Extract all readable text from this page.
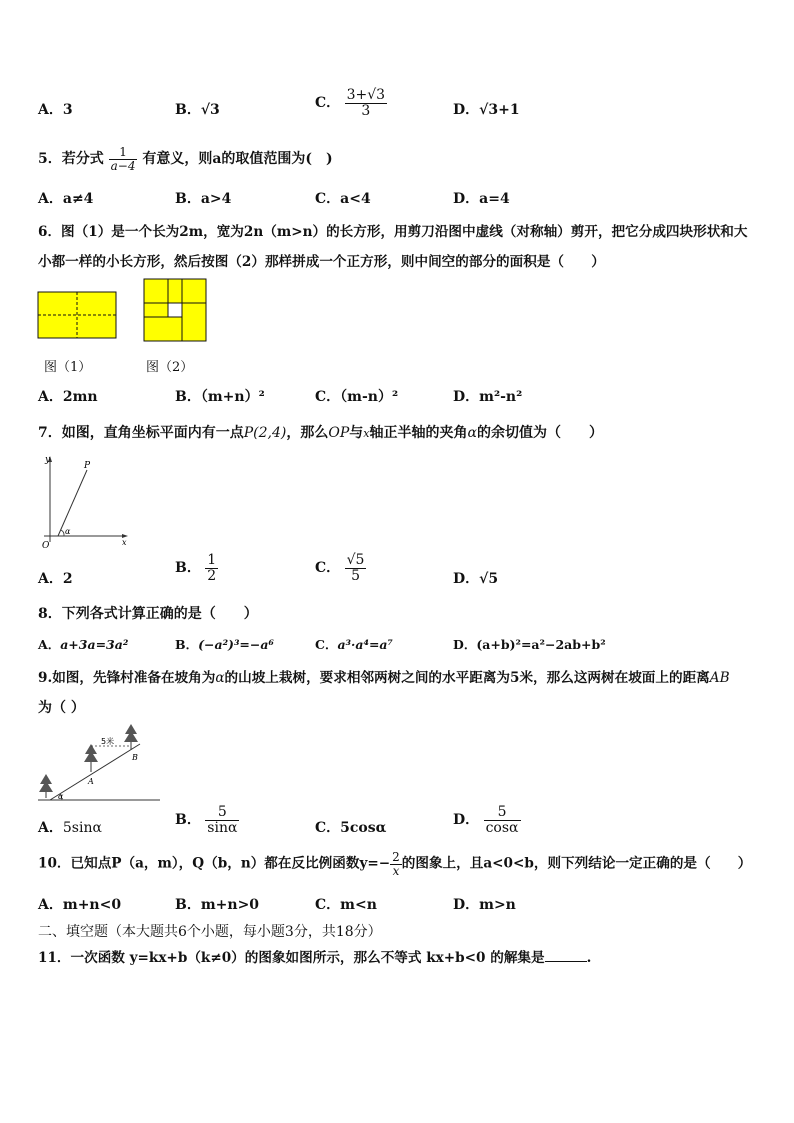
A．3	B．√3	C． $\frac{3+√3}{3}$	D．√3+1
5．若分式 $\frac{1}{a-4}$ 有意义，则a的取值范围为(　)
A．a≠4	B．a>4	C．a<4	D．a=4
6．图（1）是一个长为2m，宽为2n（m>n）的长方形，用剪刀沿图中虚线（对称轴）剪开，把它分成四块形状和大
小都一样的小长方形，然后按图（2）那样拼成一个正方形，则中间空的部分的面积是（　　）
图（1）	图（2）
A．2mn	B．（m+n）²	C．（m-n）²	D．m²-n²
7．如图，直角坐标平面内有一点P(2,4)，那么OP与x轴正半轴的夹角α的余切值为（　　）
y
P
O	x
α
A．2
B． $\frac{1}{2}$	C． $\frac{√5}{5}$	D．√5
8．下列各式计算正确的是（　　）
A．a+3a=3a²	B．(−a²)³=−a⁶	C．a³·a⁴=a⁷	D．(a+b)²=a²−2ab+b²
9.如图，先锋村准备在坡角为α的山坡上栽树，要求相邻两树之间的水平距离为5米，那么这两树在坡面上的距离AB
为（ ）
5米
B
A
α
A．5sinα	B． $\frac{5}{\sin\alpha}$	C．5cosα	D． $\frac{5}{\cos\alpha}$
10．已知点P（a，m），Q（b，n）都在反比例函数$y=- \frac{2}{x}$ 的图象上，且a<0<b，则下列结论一定正确的是（　　）
A．m+n<0	B．m+n>0	C．m<n	D．m>n
二、填空题（本大题共6个小题，每小题3分，共18分）
11．一次函数 y=kx+b（k≠0）的图象如图所示，那么不等式 kx+b<0 的解集是	.
